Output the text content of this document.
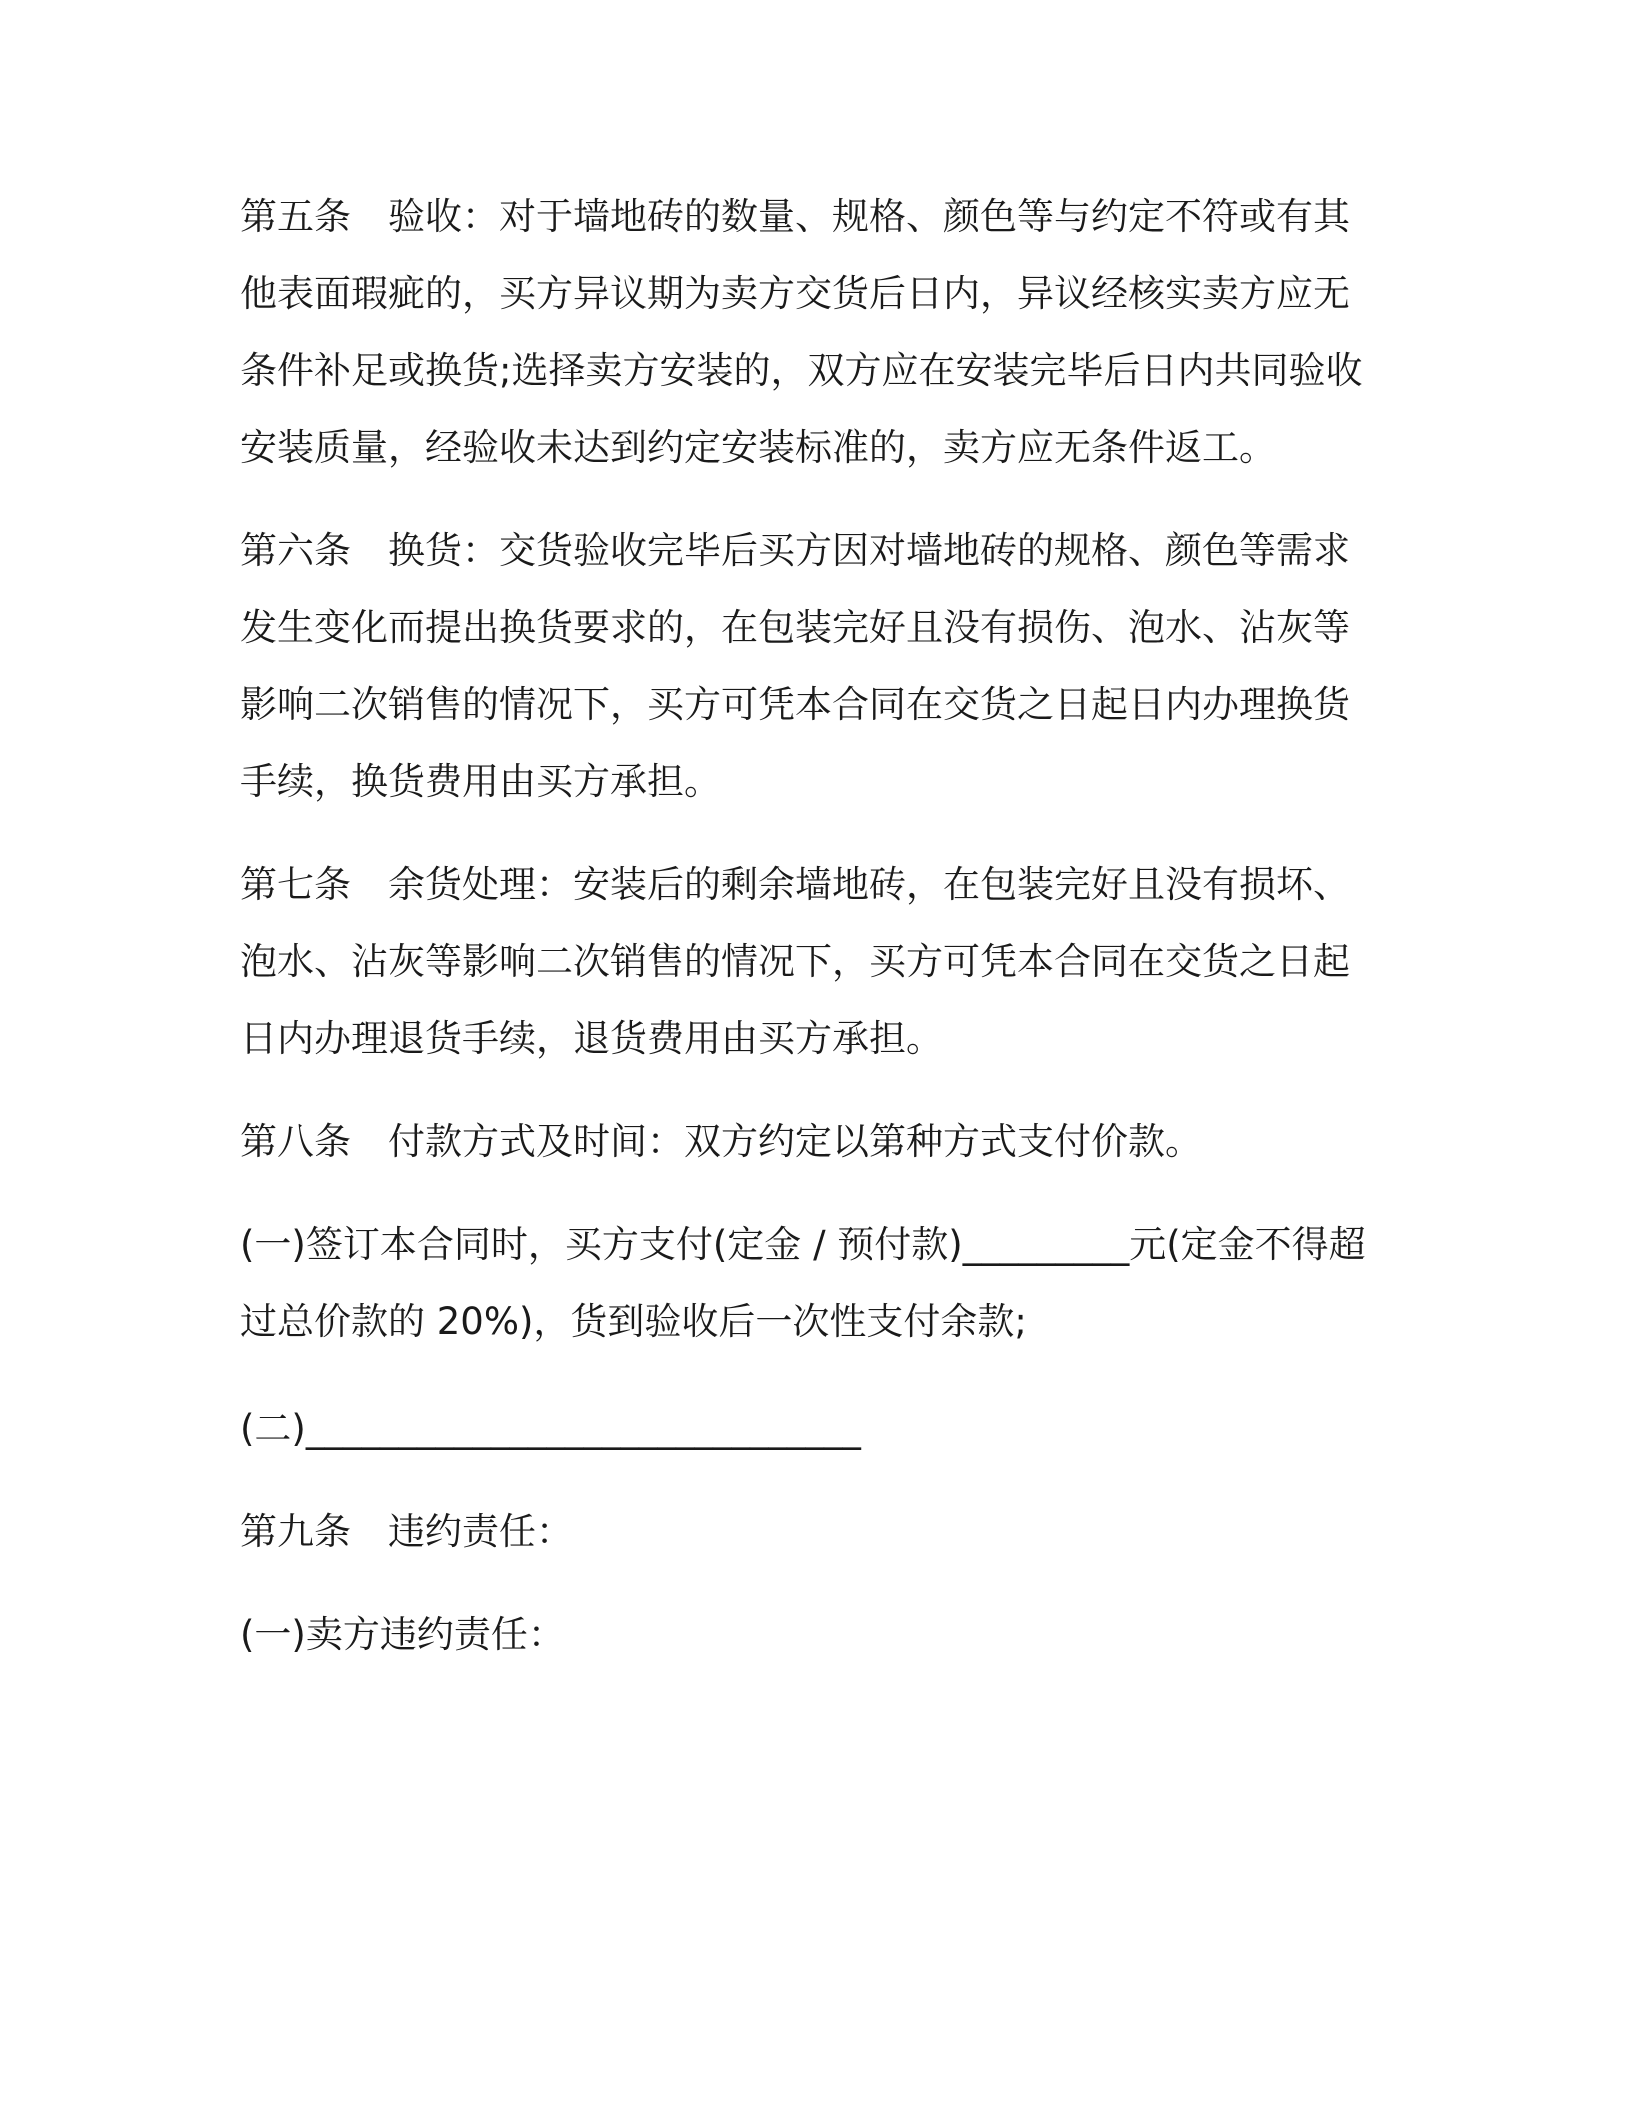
第五条　验收：对于墙地砖的数量、规格、颜色等与约定不符或有其
他表面瑕疵的，买方异议期为卖方交货后日内，异议经核实卖方应无
条件补足或换货;选择卖方安装的，双方应在安装完毕后日内共同验收
安装质量，经验收未达到约定安装标准的，卖方应无条件返工。
第六条　换货：交货验收完毕后买方因对墙地砖的规格、颜色等需求
发生变化而提出换货要求的，在包装完好且没有损伤、泡水、沾灰等
影响二次销售的情况下，买方可凭本合同在交货之日起日内办理换货
手续，换货费用由买方承担。
第七条　余货处理：安装后的剩余墙地砖，在包装完好且没有损坏、
泡水、沾灰等影响二次销售的情况下，买方可凭本合同在交货之日起
日内办理退货手续，退货费用由买方承担。
第八条　付款方式及时间：双方约定以第种方式支付价款。
(一)签订本合同时，买方支付(定金 / 预付款)_________元(定金不得超
过总价款的 20%)，货到验收后一次性支付余款;
(二)______________________________
第九条　违约责任：
(一)卖方违约责任：
